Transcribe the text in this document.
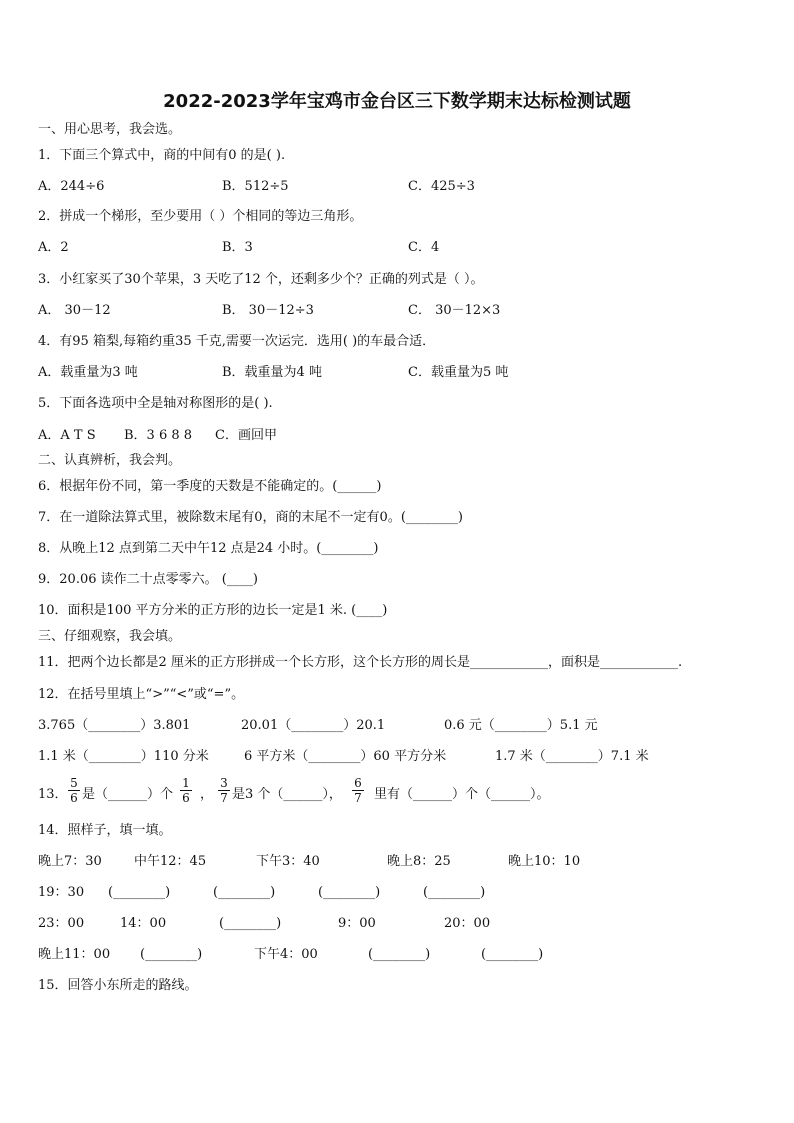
2022-2023学年宝鸡市金台区三下数学期末达标检测试题
一、用心思考，我会选。
1．下面三个算式中，商的中间有0 的是( ).
A．244÷6	B．512÷5	C．425÷3
2．拼成一个梯形，至少要用（ ）个相同的等边三角形。
A．2	B．3	C．4
3．小红家买了30个苹果，3 天吃了12 个，还剩多少个？正确的列式是（ ）。
A． 30－12	B． 30－12÷3	C． 30－12×3
4．有95 箱梨,每箱约重35 千克,需要一次运完．选用( )的车最合适．
A．载重量为3 吨	B．载重量为4 吨	C．载重量为5 吨
5．下面各选项中全是轴对称图形的是( ).
A．A T S B．3 6 8 8 C．画回甲
二、认真辨析，我会判。
6．根据年份不同，第一季度的天数是不能确定的。(______)
7．在一道除法算式里，被除数末尾有0，商的末尾不一定有0。(________)
8．从晚上12 点到第二天中午12 点是24 小时。(________)
9．20.06 读作二十点零零六。 (____)
10．面积是100 平方分米的正方形的边长一定是1 米. (____)
三、仔细观察，我会填。
11．把两个边长都是2 厘米的正方形拼成一个长方形，这个长方形的周长是____________，面积是____________.
12．在括号里填上“>”“<”或“=”。
3.765（________）3.801	20.01（________）20.1	0.6 元（________）5.1 元
1.1 米（________）110 分米	6 平方米（________）60 平方分米	1.7 米（________）7.1 米
13． $\frac{5}{6}$ 是（______）个 $\frac{1}{6}$ ， $\frac{3}{7}$ 是3 个（______）， $\frac{6}{7}$ 里有（______）个（______）。
14．照样子，填一填。
晚上7：30 中午12：45	下午3：40	晚上8：25	晚上10：10
19：30 (________)	(________)	(________)	(________)
23：00	14：00	(________)	9：00	20：00
晚上11：00 (________)	下午4：00	(________)	(________)
15．回答小东所走的路线。
